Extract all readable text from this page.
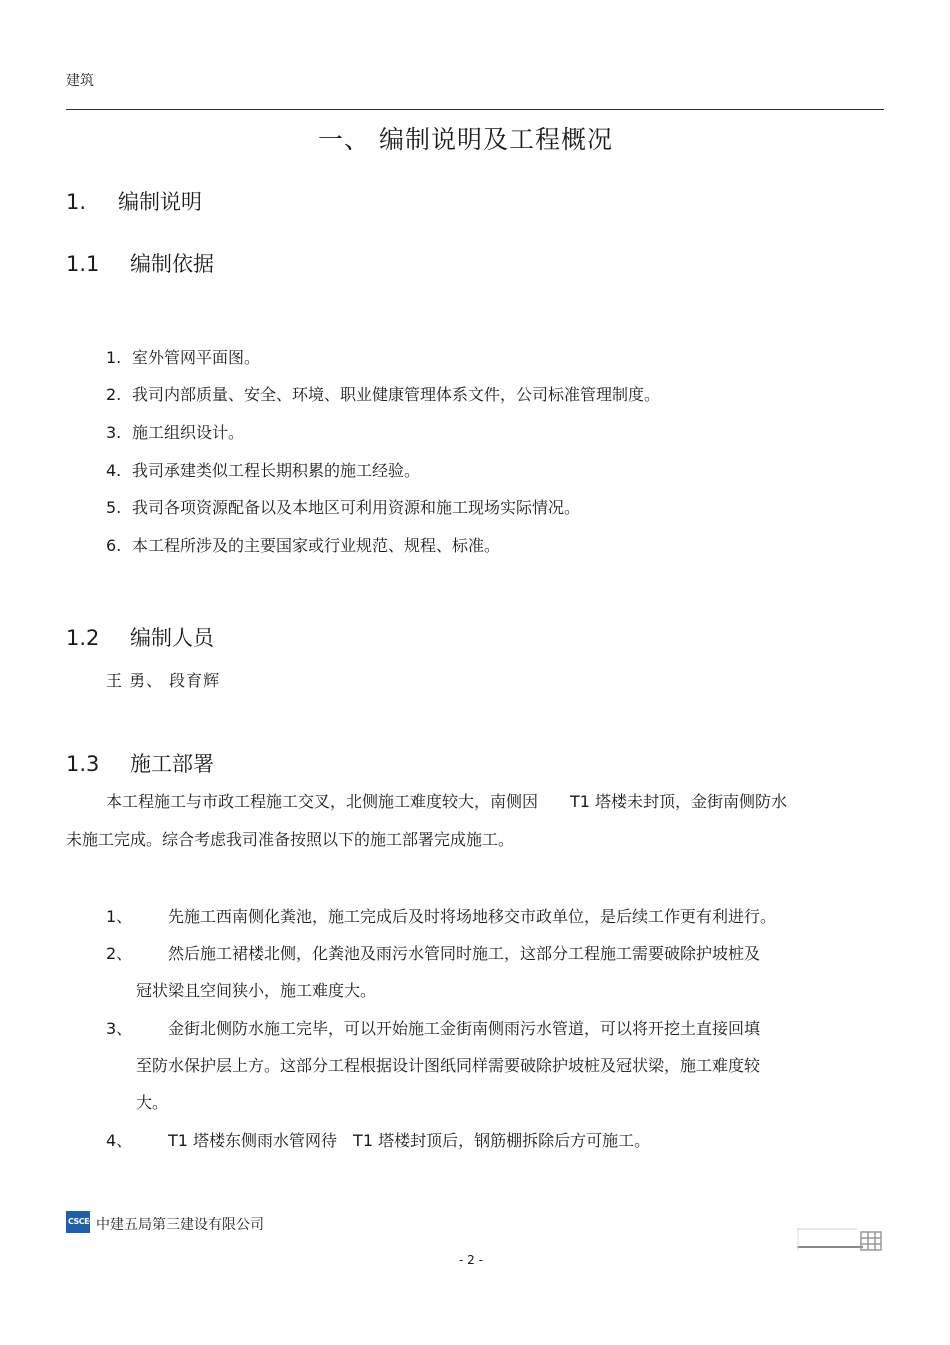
建筑
一、 编制说明及工程概况
1. 编制说明
1.1 编制依据
1. 室外管网平面图。
2. 我司内部质量、安全、环境、职业健康管理体系文件，公司标准管理制度。
3. 施工组织设计。
4. 我司承建类似工程长期积累的施工经验。
5. 我司各项资源配备以及本地区可利用资源和施工现场实际情况。
6. 本工程所涉及的主要国家或行业规范、规程、标准。
1.2 编制人员
王 勇、 段育辉
1.3 施工部署
本工程施工与市政工程施工交叉，北侧施工难度较大，南侧因　　T1 塔楼未封顶，金街南侧防水
未施工完成。综合考虑我司准备按照以下的施工部署完成施工。
1、 先施工西南侧化粪池，施工完成后及时将场地移交市政单位，是后续工作更有利进行。
2、 然后施工裙楼北侧，化粪池及雨污水管同时施工，这部分工程施工需要破除护坡桩及
冠状梁且空间狭小，施工难度大。
3、 金街北侧防水施工完毕，可以开始施工金街南侧雨污水管道，可以将开挖土直接回填
至防水保护层上方。这部分工程根据设计图纸同样需要破除护坡桩及冠状梁，施工难度较
大。
4、 T1 塔楼东侧雨水管网待　T1 塔楼封顶后，钢筋棚拆除后方可施工。
CSCEC 中建五局第三建设有限公司
- 2 -
